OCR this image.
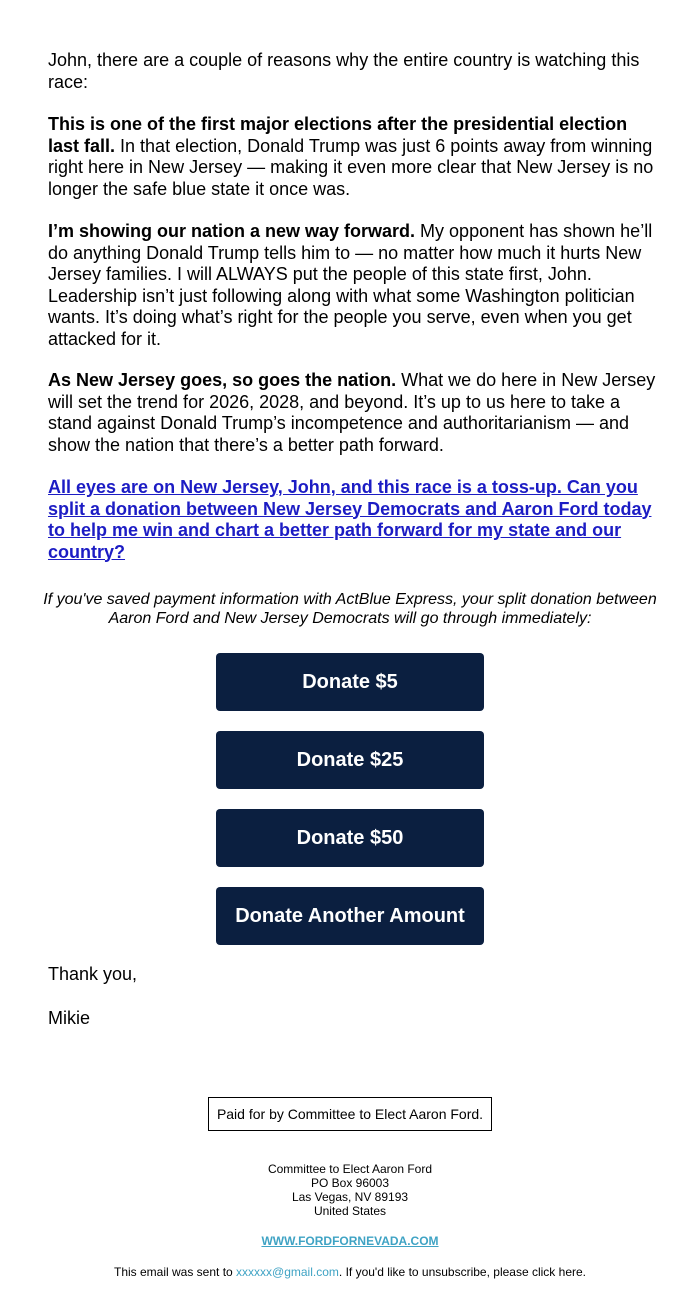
John, there are a couple of reasons why the entire country is watching this race:

This is one of the first major elections after the presidential election last fall. In that election, Donald Trump was just 6 points away from winning right here in New Jersey — making it even more clear that New Jersey is no longer the safe blue state it once was.

I’m showing our nation a new way forward. My opponent has shown he’ll do anything Donald Trump tells him to — no matter how much it hurts New Jersey families. I will ALWAYS put the people of this state first, John. Leadership isn’t just following along with what some Washington politician wants. It’s doing what’s right for the people you serve, even when you get attacked for it.

As New Jersey goes, so goes the nation. What we do here in New Jersey will set the trend for 2026, 2028, and beyond. It’s up to us here to take a stand against Donald Trump’s incompetence and authoritarianism — and show the nation that there’s a better path forward.

All eyes are on New Jersey, John, and this race is a toss-up. Can you split a donation between New Jersey Democrats and Aaron Ford today to help me win and chart a better path forward for my state and our country?

If you've saved payment information with ActBlue Express, your split donation between Aaron Ford and New Jersey Democrats will go through immediately:

Donate $5
Donate $25
Donate $50
Donate Another Amount

Thank you,

Mikie

Paid for by Committee to Elect Aaron Ford.
Committee to Elect Aaron Ford
PO Box 96003
Las Vegas, NV 89193
United States
WWW.FORDFORNEVADA.COM
This email was sent to xxxxxx@gmail.com. If you'd like to unsubscribe, please click here.
